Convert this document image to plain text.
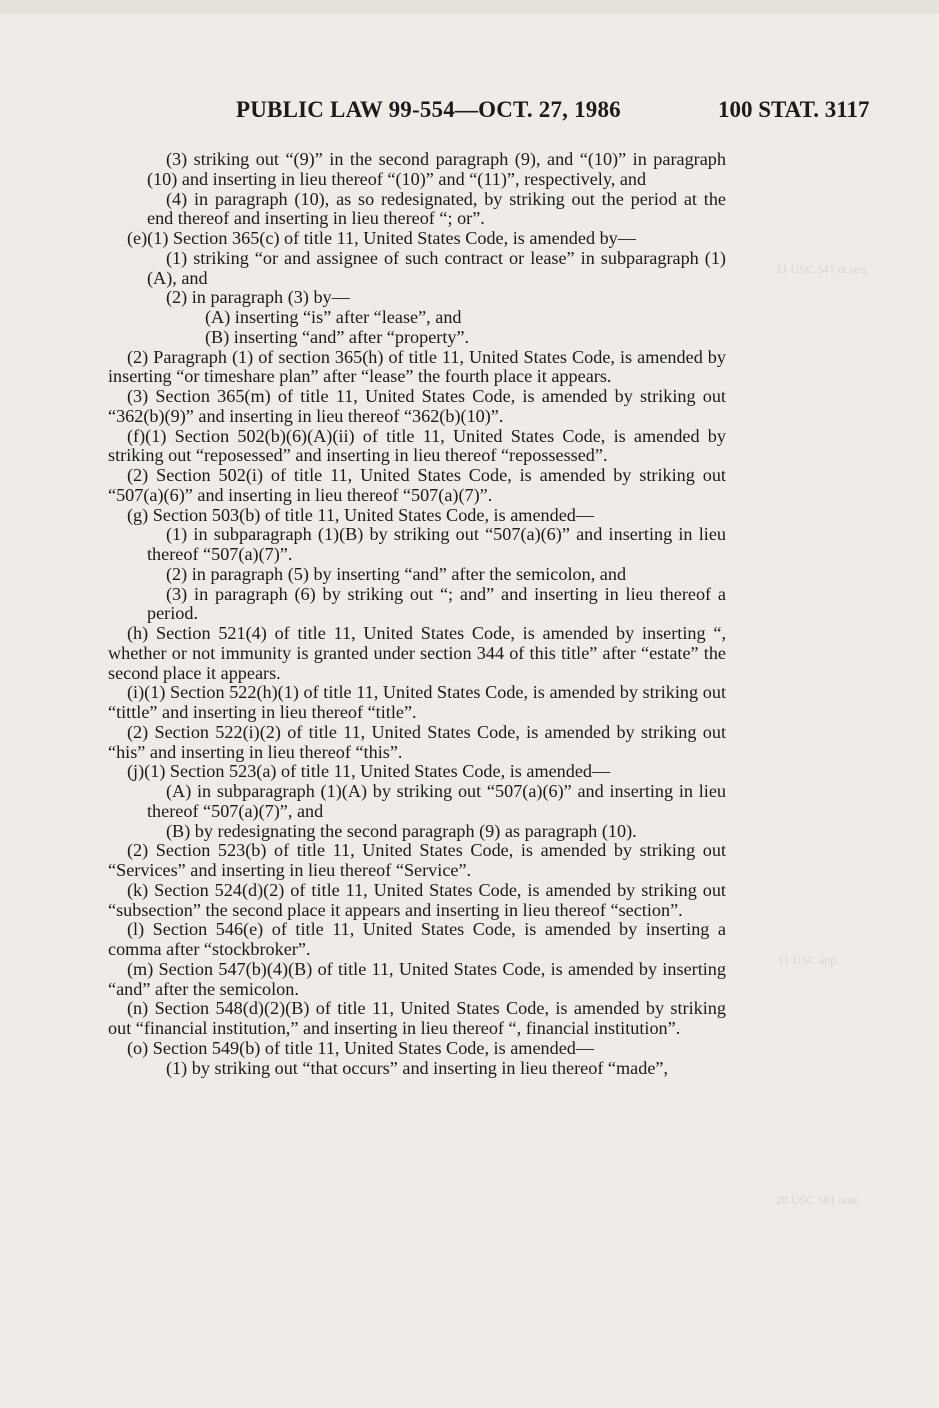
11 USC 541 et seq.
11 USC app.
28 USC 581 note
PUBLIC LAW 99-554—OCT. 27, 1986	100 STAT. 3117

(3) striking out “(9)” in the second paragraph (9), and “(10)” in paragraph (10) and inserting in lieu thereof “(10)” and “(11)”, respectively, and

(4) in paragraph (10), as so redesignated, by striking out the period at the end thereof and inserting in lieu thereof “; or”.

(e)(1) Section 365(c) of title 11, United States Code, is amended by—

(1) striking “or and assignee of such contract or lease” in subparagraph (1)(A), and

(2) in paragraph (3) by—

(A) inserting “is” after “lease”, and

(B) inserting “and” after “property”.

(2) Paragraph (1) of section 365(h) of title 11, United States Code, is amended by inserting “or timeshare plan” after “lease” the fourth place it appears.

(3) Section 365(m) of title 11, United States Code, is amended by striking out “362(b)(9)” and inserting in lieu thereof “362(b)(10)”.

(f)(1) Section 502(b)(6)(A)(ii) of title 11, United States Code, is amended by striking out “reposessed” and inserting in lieu thereof “repossessed”.

(2) Section 502(i) of title 11, United States Code, is amended by striking out “507(a)(6)” and inserting in lieu thereof “507(a)(7)”.

(g) Section 503(b) of title 11, United States Code, is amended—

(1) in subparagraph (1)(B) by striking out “507(a)(6)” and inserting in lieu thereof “507(a)(7)”.

(2) in paragraph (5) by inserting “and” after the semicolon, and

(3) in paragraph (6) by striking out “; and” and inserting in lieu thereof a period.

(h) Section 521(4) of title 11, United States Code, is amended by inserting “, whether or not immunity is granted under section 344 of this title” after “estate” the second place it appears.

(i)(1) Section 522(h)(1) of title 11, United States Code, is amended by striking out “tittle” and inserting in lieu thereof “title”.

(2) Section 522(i)(2) of title 11, United States Code, is amended by striking out “his” and inserting in lieu thereof “this”.

(j)(1) Section 523(a) of title 11, United States Code, is amended—

(A) in subparagraph (1)(A) by striking out “507(a)(6)” and inserting in lieu thereof “507(a)(7)”, and

(B) by redesignating the second paragraph (9) as paragraph (10).

(2) Section 523(b) of title 11, United States Code, is amended by striking out “Services” and inserting in lieu thereof “Service”.

(k) Section 524(d)(2) of title 11, United States Code, is amended by striking out “subsection” the second place it appears and inserting in lieu thereof “section”.

(l) Section 546(e) of title 11, United States Code, is amended by inserting a comma after “stockbroker”.

(m) Section 547(b)(4)(B) of title 11, United States Code, is amended by inserting “and” after the semicolon.

(n) Section 548(d)(2)(B) of title 11, United States Code, is amended by striking out “financial institution,” and inserting in lieu thereof “, financial institution”.

(o) Section 549(b) of title 11, United States Code, is amended—

(1) by striking out “that occurs” and inserting in lieu thereof “made”,
